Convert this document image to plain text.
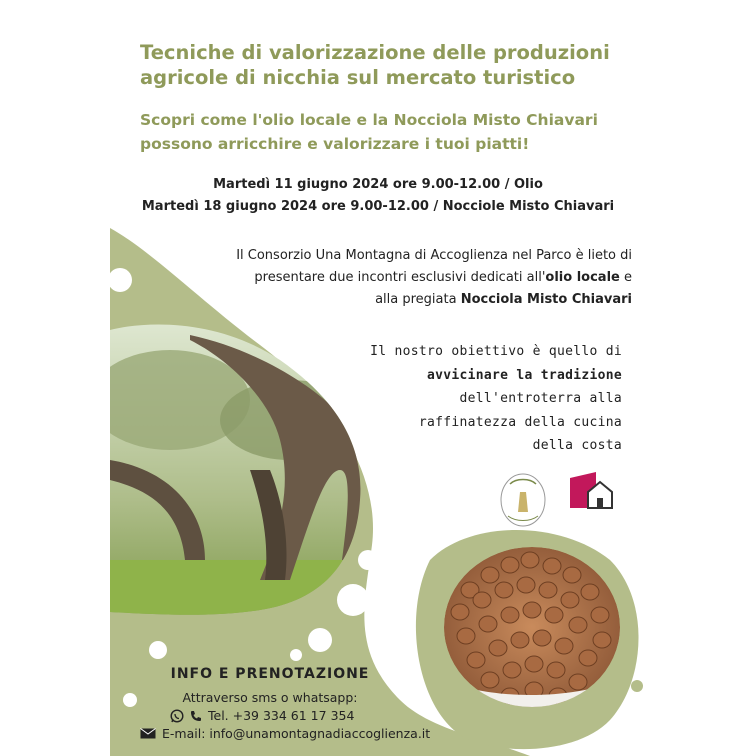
Tecniche di valorizzazione delle produzioni agricole di nicchia sul mercato turistico
Scopri come l'olio locale e la Nocciola Misto Chiavari possono arricchire e valorizzare i tuoi piatti!
Martedì 11 giugno 2024 ore 9.00-12.00 / Olio
Martedì 18 giugno 2024 ore 9.00-12.00 / Nocciole Misto Chiavari
Il Consorzio Una Montagna di Accoglienza nel Parco è lieto di presentare due incontri esclusivi dedicati all'olio locale e alla pregiata Nocciola Misto Chiavari
Il nostro obiettivo è quello di
avvicinare la tradizione
dell'entroterra alla
raffinatezza della cucina
della costa
INFO E PRENOTAZIONE
Attraverso sms o whatsapp:
Tel. +39 334 61 17 354
E-mail: info@unamontagnadiaccoglienza.it
